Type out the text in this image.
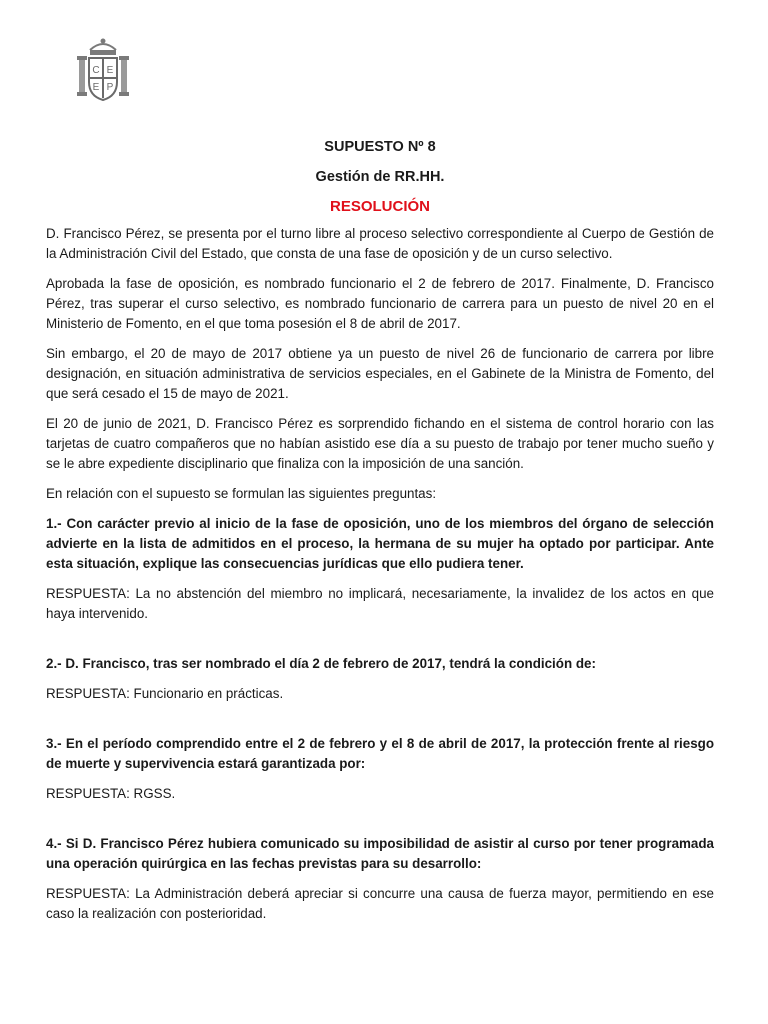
C E
E P
SUPUESTO Nº 8
Gestión de RR.HH.
RESOLUCIÓN

D. Francisco Pérez, se presenta por el turno libre al proceso selectivo correspondiente al Cuerpo de Gestión de la Administración Civil del Estado, que consta de una fase de oposición y de un curso selectivo.

Aprobada la fase de oposición, es nombrado funcionario el 2 de febrero de 2017. Finalmente, D. Francisco Pérez, tras superar el curso selectivo, es nombrado funcionario de carrera para un puesto de nivel 20 en el Ministerio de Fomento, en el que toma posesión el 8 de abril de 2017.

Sin embargo, el 20 de mayo de 2017 obtiene ya un puesto de nivel 26 de funcionario de carrera por libre designación, en situación administrativa de servicios especiales, en el Gabinete de la Ministra de Fomento, del que será cesado el 15 de mayo de 2021.

El 20 de junio de 2021, D. Francisco Pérez es sorprendido fichando en el sistema de control horario con las tarjetas de cuatro compañeros que no habían asistido ese día a su puesto de trabajo por tener mucho sueño y se le abre expediente disciplinario que finaliza con la imposición de una sanción.

En relación con el supuesto se formulan las siguientes preguntas:

1.- Con carácter previo al inicio de la fase de oposición, uno de los miembros del órgano de selección advierte en la lista de admitidos en el proceso, la hermana de su mujer ha optado por participar. Ante esta situación, explique las consecuencias jurídicas que ello pudiera tener.

RESPUESTA: La no abstención del miembro no implicará, necesariamente, la invalidez de los actos en que haya intervenido.

2.- D. Francisco, tras ser nombrado el día 2 de febrero de 2017, tendrá la condición de:

RESPUESTA: Funcionario en prácticas.

3.- En el período comprendido entre el 2 de febrero y el 8 de abril de 2017, la protección frente al riesgo de muerte y supervivencia estará garantizada por:

RESPUESTA: RGSS.

4.- Si D. Francisco Pérez hubiera comunicado su imposibilidad de asistir al curso por tener programada una operación quirúrgica en las fechas previstas para su desarrollo:

RESPUESTA: La Administración deberá apreciar si concurre una causa de fuerza mayor, permitiendo en ese caso la realización con posterioridad.
